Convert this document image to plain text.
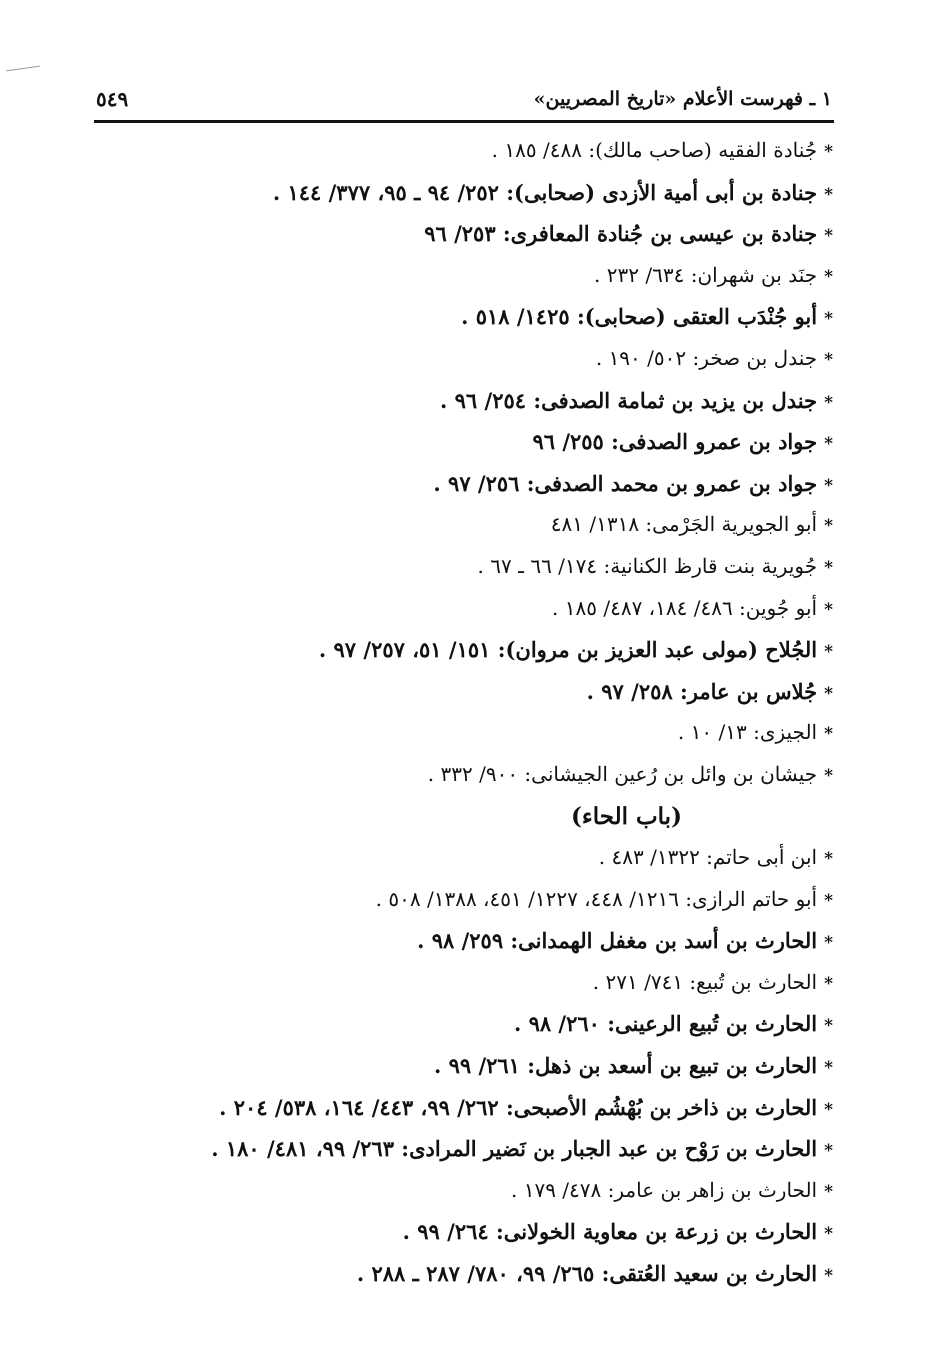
١ ـ فهرست الأعلام «تاريخ المصريين»
٥٤٩
*جُنادة الفقيه (صاحب مالك): ٤٨٨/ ١٨٥ .
*جنادة بن أبى أمية الأزدى (صحابى): ٢٥٢/ ٩٤ ـ ٩٥، ٣٧٧/ ١٤٤ .
*جنادة بن عيسى بن جُنادة المعافرى: ٢٥٣/ ٩٦
*جنَد بن شهران: ٦٣٤/ ٢٣٢ .
*أبو جُنْدَب العتقى (صحابى): ١٤٢٥/ ٥١٨ .
*جندل بن صخر: ٥٠٢/ ١٩٠ .
*جندل بن يزيد بن ثمامة الصدفى: ٢٥٤/ ٩٦ .
*جواد بن عمرو الصدفى: ٢٥٥/ ٩٦
*جواد بن عمرو بن محمد الصدفى: ٢٥٦/ ٩٧ .
*أبو الجويرية الجَرْمى: ١٣١٨/ ٤٨١
*جُويرية بنت قارظ الكنانية: ١٧٤/ ٦٦ ـ ٦٧ .
*أبو جُوين: ٤٨٦/ ١٨٤، ٤٨٧/ ١٨٥ .
*الجُلاح (مولى عبد العزيز بن مروان): ١٥١/ ٥١، ٢٥٧/ ٩٧ .
*جُلاس بن عامر: ٢٥٨/ ٩٧ .
*الجيزى: ١٣/ ١٠ .
*جيشان بن وائل بن رُعين الجيشانى: ٩٠٠/ ٣٣٢ .
(باب الحاء)
*ابن أبى حاتم: ١٣٢٢/ ٤٨٣ .
*أبو حاتم الرازى: ١٢١٦/ ٤٤٨، ١٢٢٧/ ٤٥١، ١٣٨٨/ ٥٠٨ .
*الحارث بن أسد بن مغفل الهمدانى: ٢٥٩/ ٩٨ .
*الحارث بن تُبيع: ٧٤١/ ٢٧١ .
*الحارث بن تُبيع الرعينى: ٢٦٠/ ٩٨ .
*الحارث بن تبيع بن أسعد بن ذهل: ٢٦١/ ٩٩ .
*الحارث بن ذاخر بن بُهْشُم الأصبحى: ٢٦٢/ ٩٩، ٤٤٣/ ١٦٤، ٥٣٨/ ٢٠٤ .
*الحارث بن رَوْح بن عبد الجبار بن نَضير المرادى: ٢٦٣/ ٩٩، ٤٨١/ ١٨٠ .
*الحارث بن زاهر بن عامر: ٤٧٨/ ١٧٩ .
*الحارث بن زرعة بن معاوية الخولانى: ٢٦٤/ ٩٩ .
*الحارث بن سعيد العُتقى: ٢٦٥/ ٩٩، ٧٨٠/ ٢٨٧ ـ ٢٨٨ .
